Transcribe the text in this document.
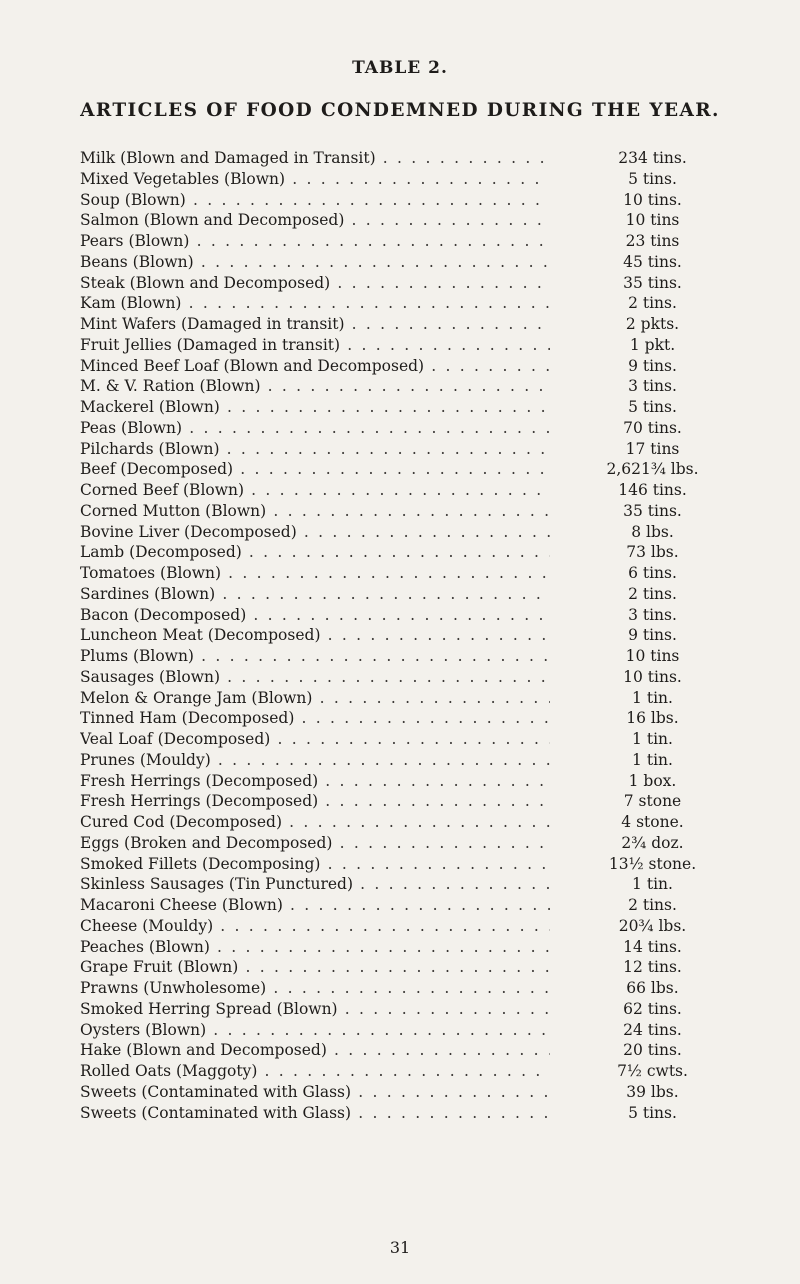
TABLE 2.
ARTICLES OF FOOD CONDEMNED DURING THE YEAR.
Milk (Blown and Damaged in Transit) . . .	234 tins.
Mixed Vegetables (Blown) . . .	5 tins.
Soup (Blown) . . .	10 tins.
Salmon (Blown and Decomposed) . . .	10 tins
Pears (Blown) . . .	23 tins
Beans (Blown) . . .	45 tins.
Steak (Blown and Decomposed) . . .	35 tins.
Kam (Blown) . . .	2 tins.
Mint Wafers (Damaged in transit) . . .	2 pkts.
Fruit Jellies (Damaged in transit) . . .	1 pkt.
Minced Beef Loaf (Blown and Decomposed) . . .	9 tins.
M. & V. Ration (Blown) . . .	3 tins.
Mackerel (Blown) . . .	5 tins.
Peas (Blown) . . .	70 tins.
Pilchards (Blown) . . .	17 tins
Beef (Decomposed) . . .	2,621¾ lbs.
Corned Beef (Blown) . . .	146 tins.
Corned Mutton (Blown) . . .	35 tins.
Bovine Liver (Decomposed) . . .	8 lbs.
Lamb (Decomposed) . . .	73 lbs.
Tomatoes (Blown) . . .	6 tins.
Sardines (Blown) . . .	2 tins.
Bacon (Decomposed) . . .	3 tins.
Luncheon Meat (Decomposed) . . .	9 tins.
Plums (Blown) . . .	10 tins
Sausages (Blown) . . .	10 tins.
Melon & Orange Jam (Blown) . . .	1 tin.
Tinned Ham (Decomposed) . . .	16 lbs.
Veal Loaf (Decomposed) . . .	1 tin.
Prunes (Mouldy) . . .	1 tin.
Fresh Herrings (Decomposed) . . .	1 box.
Fresh Herrings (Decomposed) . . .	7 stone
Cured Cod (Decomposed) . . .	4 stone.
Eggs (Broken and Decomposed) . . .	2¾ doz.
Smoked Fillets (Decomposing) . . .	13½ stone.
Skinless Sausages (Tin Punctured) . . .	1 tin.
Macaroni Cheese (Blown) . . .	2 tins.
Cheese (Mouldy) . . .	20¾ lbs.
Peaches (Blown) . . .	14 tins.
Grape Fruit (Blown) . . .	12 tins.
Prawns (Unwholesome) . . .	66 lbs.
Smoked Herring Spread (Blown) . . .	62 tins.
Oysters (Blown) . . .	24 tins.
Hake (Blown and Decomposed) . . .	20 tins.
Rolled Oats (Maggoty) . . .	7½ cwts.
Sweets (Contaminated with Glass) . . .	39 lbs.
Sweets (Contaminated with Glass) . . .	5 tins.
31
